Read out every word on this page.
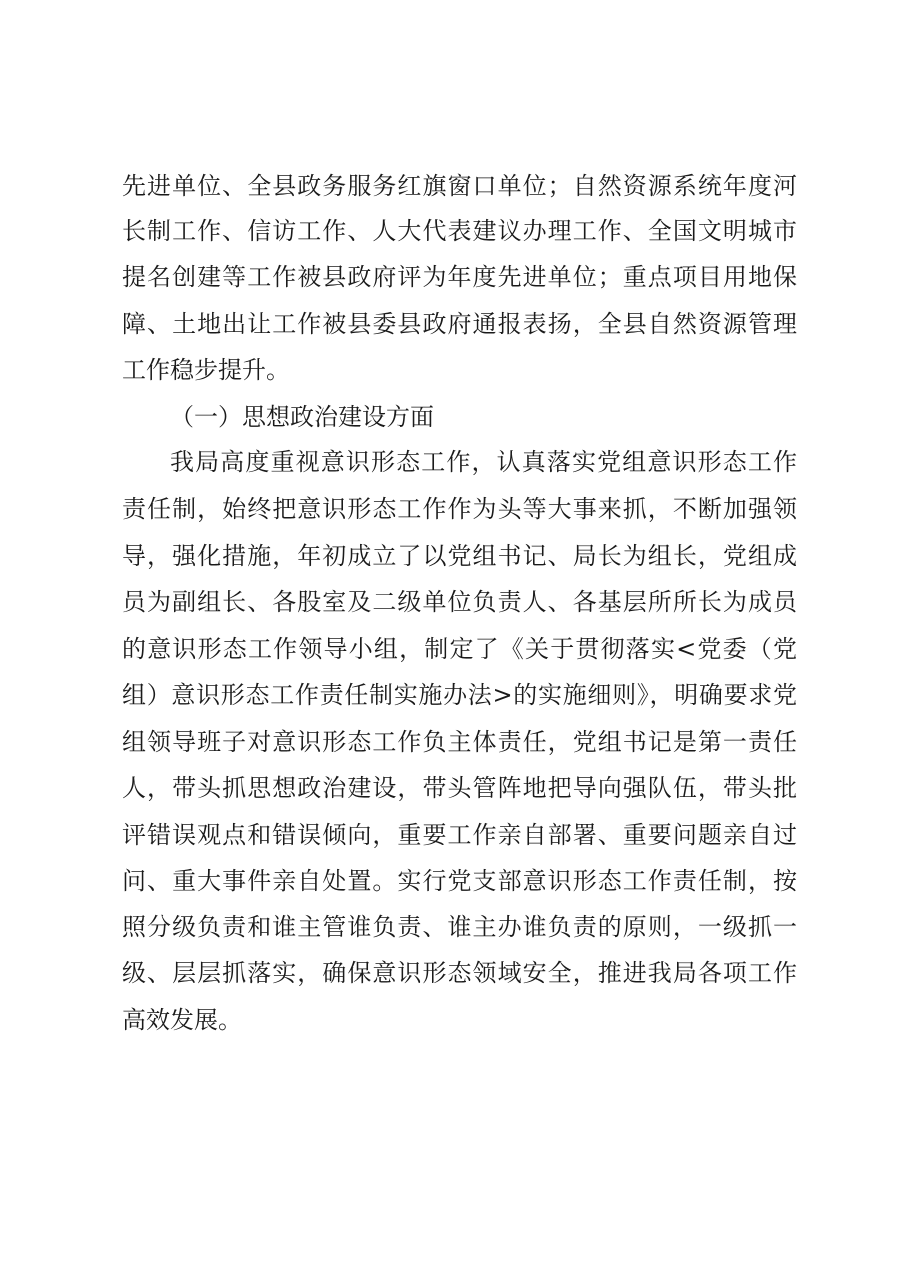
先进单位、全县政务服务红旗窗口单位；自然资源系统年度河
长制工作、信访工作、人大代表建议办理工作、全国文明城市
提名创建等工作被县政府评为年度先进单位；重点项目用地保
障、土地出让工作被县委县政府通报表扬，全县自然资源管理
工作稳步提升。
（一）思想政治建设方面
我局高度重视意识形态工作，认真落实党组意识形态工作
责任制，始终把意识形态工作作为头等大事来抓，不断加强领
导，强化措施，年初成立了以党组书记、局长为组长，党组成
员为副组长、各股室及二级单位负责人、各基层所所长为成员
的意识形态工作领导小组，制定了《关于贯彻落实<党委（党
组）意识形态工作责任制实施办法>的实施细则》，明确要求党
组领导班子对意识形态工作负主体责任，党组书记是第一责任
人，带头抓思想政治建设，带头管阵地把导向强队伍，带头批
评错误观点和错误倾向，重要工作亲自部署、重要问题亲自过
问、重大事件亲自处置。实行党支部意识形态工作责任制，按
照分级负责和谁主管谁负责、谁主办谁负责的原则，一级抓一
级、层层抓落实，确保意识形态领域安全，推进我局各项工作
高效发展。
